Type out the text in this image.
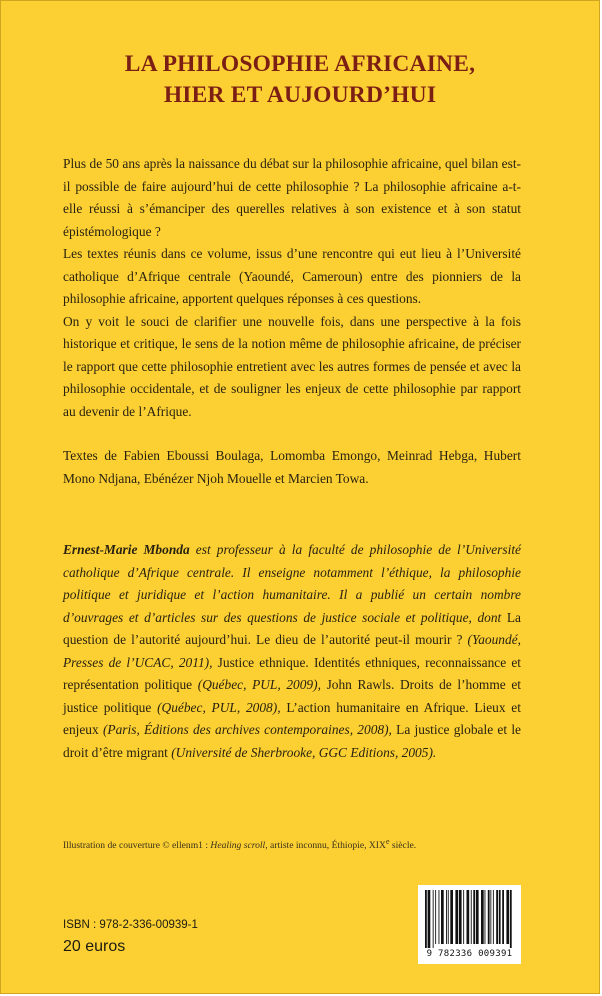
LA PHILOSOPHIE AFRICAINE,
HIER ET AUJOURD’HUI

Plus de 50 ans après la naissance du débat sur la philosophie africaine, quel bilan est-il possible de faire aujourd’hui de cette philosophie ? La philosophie africaine a-t-elle réussi à s’émanciper des querelles relatives à son existence et à son statut épistémologique ?

Les textes réunis dans ce volume, issus d’une rencontre qui eut lieu à l’Université catholique d’Afrique centrale (Yaoundé, Cameroun) entre des pionniers de la philosophie africaine, apportent quelques réponses à ces questions.

On y voit le souci de clarifier une nouvelle fois, dans une perspective à la fois historique et critique, le sens de la notion même de philosophie africaine, de préciser le rapport que cette philosophie entretient avec les autres formes de pensée et avec la philosophie occidentale, et de souligner les enjeux de cette philosophie par rapport au devenir de l’Afrique.

Textes de Fabien Eboussi Boulaga, Lomomba Emongo, Meinrad Hebga, Hubert Mono Ndjana, Ebénézer Njoh Mouelle et Marcien Towa.

Ernest-Marie Mbonda est professeur à la faculté de philosophie de l’Université catholique d’Afrique centrale. Il enseigne notamment l’éthique, la philosophie politique et juridique et l’action humanitaire. Il a publié un certain nombre d’ouvrages et d’articles sur des questions de justice sociale et politique, dont La question de l’autorité aujourd’hui. Le dieu de l’autorité peut-il mourir ? (Yaoundé, Presses de l’UCAC, 2011), Justice ethnique. Identités ethniques, reconnaissance et représentation politique (Québec, PUL, 2009), John Rawls. Droits de l’homme et justice politique (Québec, PUL, 2008), L’action humanitaire en Afrique. Lieux et enjeux (Paris, Éditions des archives contemporaines, 2008), La justice globale et le droit d’être migrant (Université de Sherbrooke, GGC Editions, 2005).

Illustration de couverture © ellenm1 : Healing scroll, artiste inconnu, Éthiopie, XIXe siècle.
ISBN : 978-2-336-00939-1
20 euros	9 782336 009391
